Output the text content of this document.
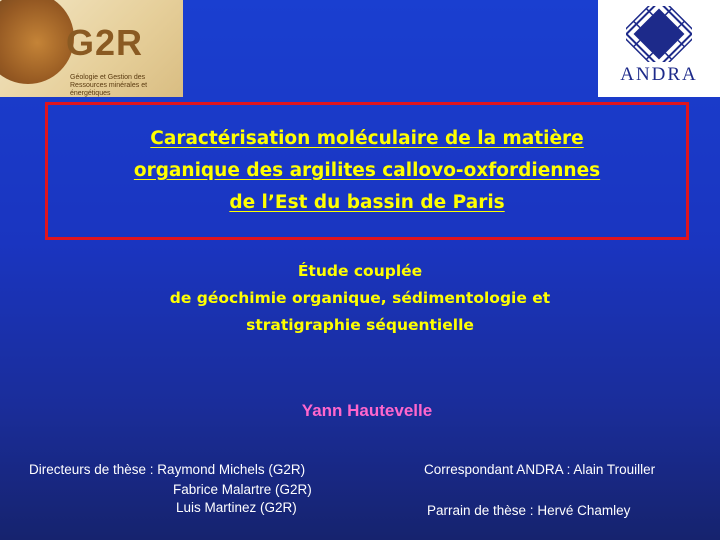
G2R
Géologie et Gestion des Ressources minérales et énergétiques
ANDRA
Caractérisation moléculaire de la matière
organique des argilites callovo-oxfordiennes
de l’Est du bassin de Paris
Étude couplée
de géochimie organique, sédimentologie et
stratigraphie séquentielle
Yann Hautevelle
Directeurs de thèse : Raymond Michels (G2R)
Fabrice Malartre (G2R)
Luis Martinez (G2R)
Correspondant ANDRA : Alain Trouiller
Parrain de thèse : Hervé Chamley
